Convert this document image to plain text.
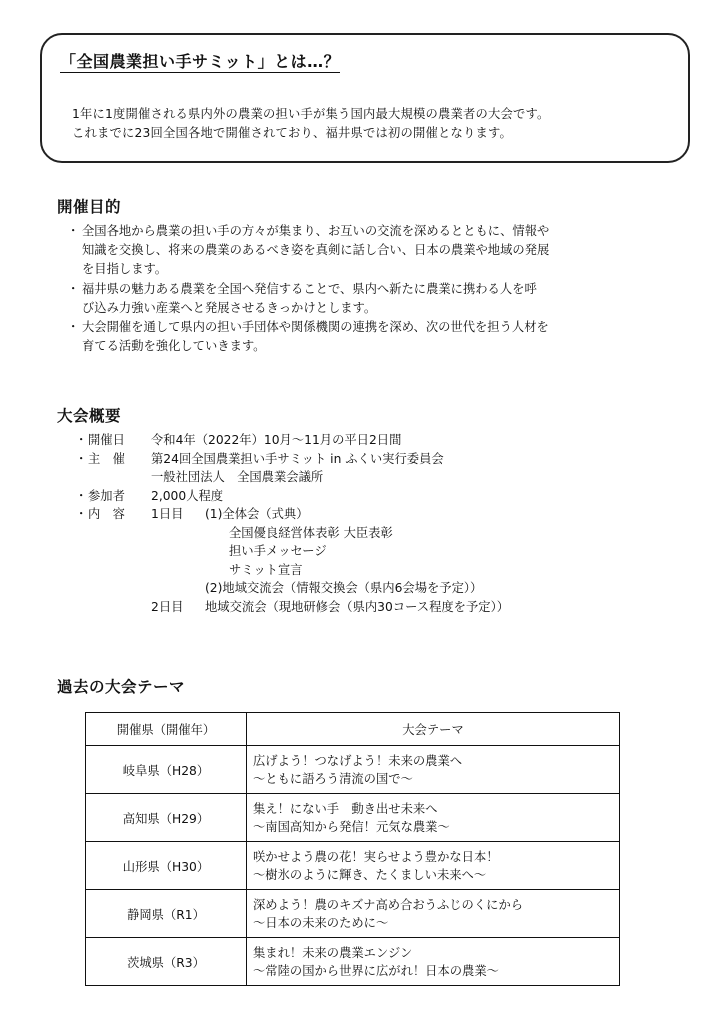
「全国農業担い手サミット」とは…？
1年に1度開催される県内外の農業の担い手が集う国内最大規模の農業者の大会です。
これまでに23回全国各地で開催されており、福井県では初の開催となります。
開催目的
・ 全国各地から農業の担い手の方々が集まり、お互いの交流を深めるとともに、情報や
知識を交換し、将来の農業のあるべき姿を真剣に話し合い、日本の農業や地域の発展
を目指します。
・ 福井県の魅力ある農業を全国へ発信することで、県内へ新たに農業に携わる人を呼
び込み力強い産業へと発展させるきっかけとします。
・ 大会開催を通して県内の担い手団体や関係機関の連携を深め、次の世代を担う人材を
育てる活動を強化していきます。
大会概要
・ 開催日 令和4年（2022年）10月～11月の平日2日間
・ 主　催 第24回全国農業担い手サミット in ふくい実行委員会
一般社団法人　全国農業会議所
・ 参加者 2,000人程度
・ 内　容 1日目 (1)全体会（式典）
全国優良経営体表彰 大臣表彰
担い手メッセージ
サミット宣言
(2)地域交流会（情報交換会（県内6会場を予定））
2日目 地域交流会（現地研修会（県内30コース程度を予定））
過去の大会テーマ
開催県（開催年）	大会テーマ
岐阜県（H28）	広げよう！つなげよう！未来の農業へ
～ともに語ろう清流の国で～

高知県（H29）	集え！にない手　動き出せ未来へ
～南国高知から発信！元気な農業～

山形県（H30）	咲かせよう農の花！実らせよう豊かな日本！
～樹氷のように輝き、たくましい未来へ～

静岡県（R1）	深めよう！農のキズナ高め合おうふじのくにから
～日本の未来のために～

茨城県（R3）	集まれ！未来の農業エンジン
～常陸の国から世界に広がれ！日本の農業～
